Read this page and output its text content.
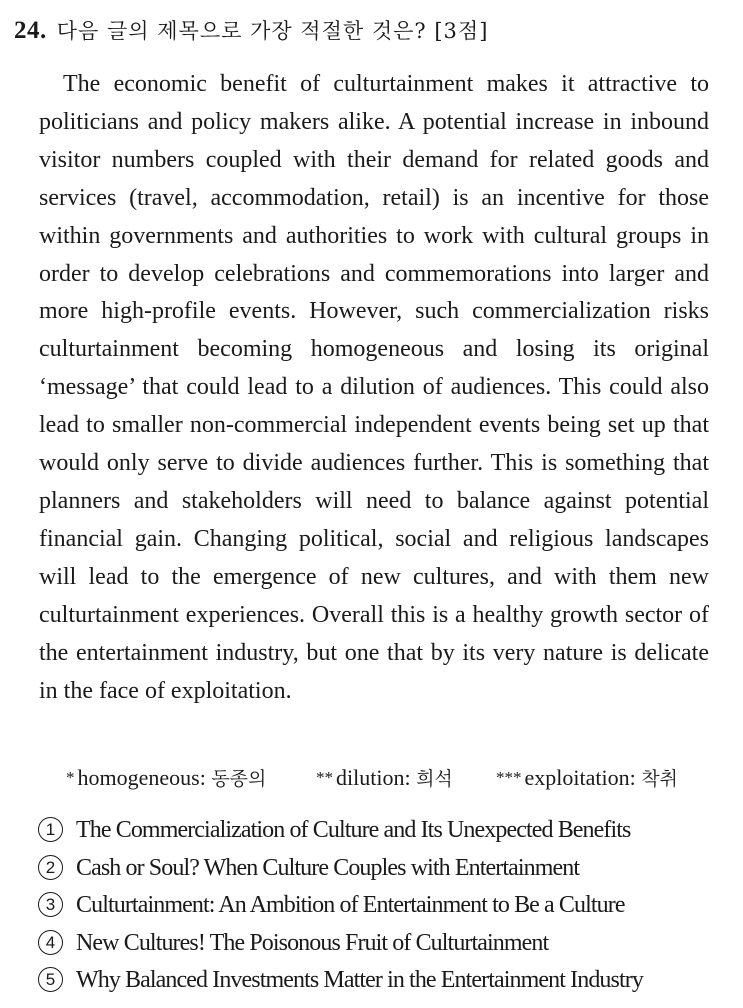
24. 다음 글의 제목으로 가장 적절한 것은? [3점]

The economic benefit of culturtainment makes it attractive to politicians and policy makers alike. A potential increase in inbound visitor numbers coupled with their demand for related goods and services (travel, accommodation, retail) is an incentive for those within governments and authorities to work with cultural groups in order to develop celebrations and commemorations into larger and more high-profile events. However, such commercialization risks culturtainment becoming homogeneous and losing its original ‘message’ that could lead to a dilution of audiences. This could also lead to smaller non-commercial independent events being set up that would only serve to divide audiences further. This is something that planners and stakeholders will need to balance against potential financial gain. Changing political, social and religious landscapes will lead to the emergence of new cultures, and with them new culturtainment experiences. Overall this is a healthy growth sector of the entertainment industry, but one that by its very nature is delicate in the face of exploitation.

* homogeneous: 동종의	** dilution: 희석	*** exploitation: 착취
1 The Commercialization of Culture and Its Unexpected Benefits
2 Cash or Soul? When Culture Couples with Entertainment
3 Culturtainment: An Ambition of Entertainment to Be a Culture
4 New Cultures! The Poisonous Fruit of Culturtainment
5 Why Balanced Investments Matter in the Entertainment Industry
